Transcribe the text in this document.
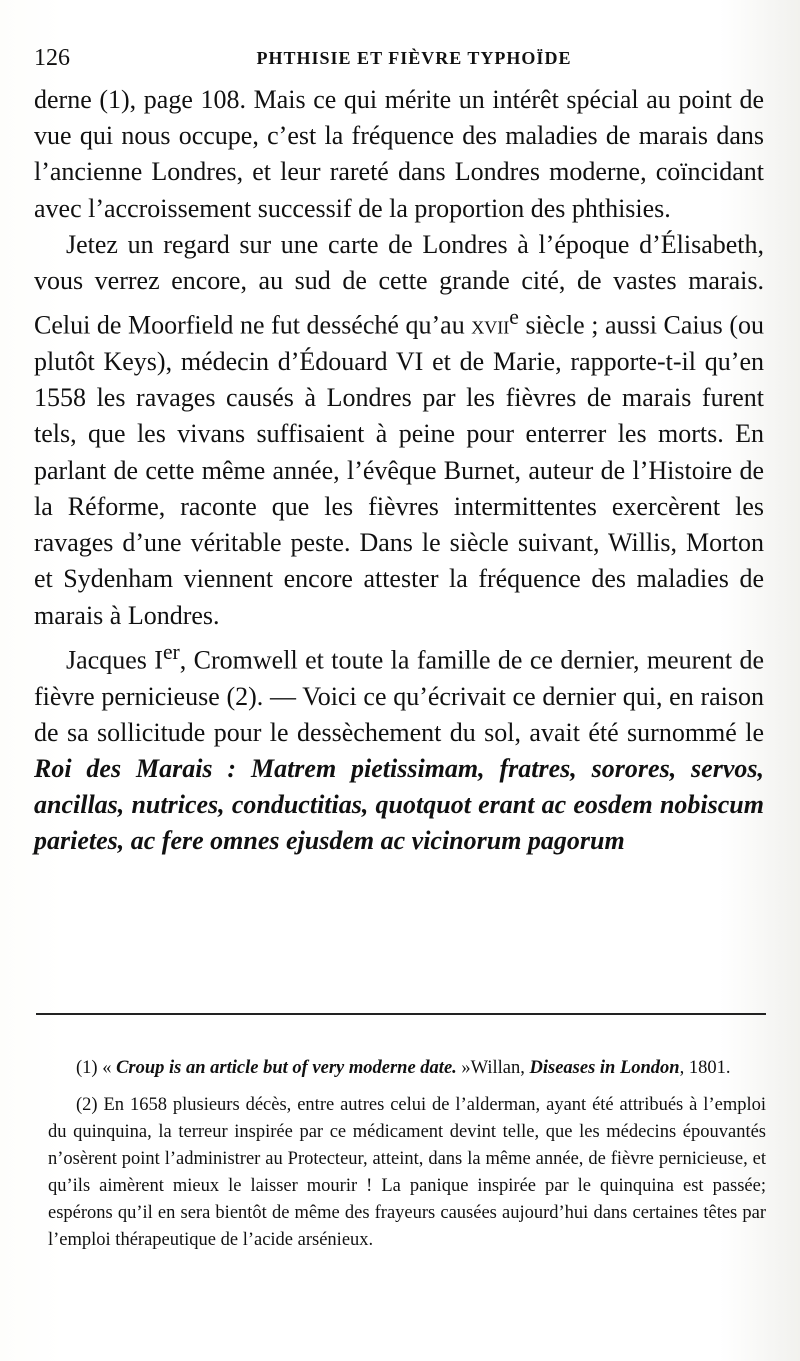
126	PHTHISIE ET FIÈVRE TYPHOÏDE

derne (1), page 108. Mais ce qui mérite un intérêt spécial au point de vue qui nous occupe, c’est la fréquence des maladies de marais dans l’ancienne Londres, et leur rareté dans Londres moderne, coïncidant avec l’accroissement successif de la proportion des phthisies.

Jetez un regard sur une carte de Londres à l’époque d’Élisabeth, vous verrez encore, au sud de cette grande cité, de vastes marais. Celui de Moorfield ne fut desséché qu’au xvii$^e$ siècle ; aussi Caius (ou plutôt Keys), médecin d’Édouard VI et de Marie, rapporte-t-il qu’en 1558 les ravages causés à Londres par les fièvres de marais furent tels, que les vivans suffisaient à peine pour enterrer les morts. En parlant de cette même année, l’évêque Burnet, auteur de l’Histoire de la Réforme, raconte que les fièvres intermittentes exercèrent les ravages d’une véritable peste. Dans le siècle suivant, Willis, Morton et Sydenham viennent encore attester la fréquence des maladies de marais à Londres.

Jacques Ier, Cromwell et toute la famille de ce dernier, meurent de fièvre pernicieuse (2). — Voici ce qu’écrivait ce dernier qui, en raison de sa sollicitude pour le dessèchement du sol, avait été surnommé le Roi des Marais : Matrem pietissimam, fratres, sorores, servos, ancillas, nutrices, conductitias, quotquot erant ac eosdem nobiscum parietes, ac fere omnes ejusdem ac vicinorum pagorum

(1) « Croup is an article but of very moderne date. »Willan, Diseases in London, 1801.

(2) En 1658 plusieurs décès, entre autres celui de l’alderman, ayant été attribués à l’emploi du quinquina, la terreur inspirée par ce médicament devint telle, que les médecins épouvantés n’osèrent point l’administrer au Protecteur, atteint, dans la même année, de fièvre pernicieuse, et qu’ils aimèrent mieux le laisser mourir ! La panique inspirée par le quinquina est passée; espérons qu’il en sera bientôt de même des frayeurs causées aujourd’hui dans certaines têtes par l’emploi thérapeutique de l’acide arsénieux.
